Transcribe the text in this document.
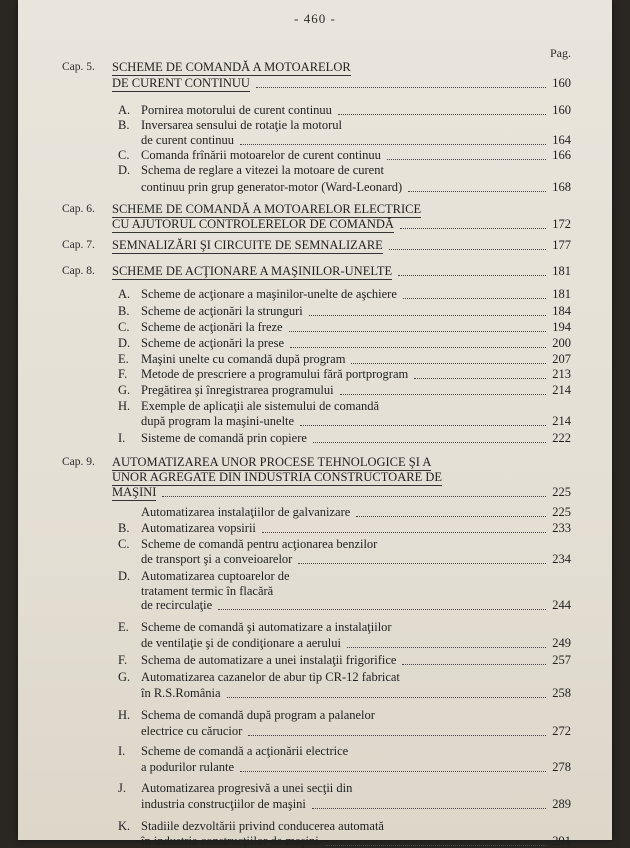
- 460 -
Pag.
Cap. 5. SCHEME DE COMANDĂ A MOTOARELOR
DE CURENT CONTINUU	160
A. Pornirea motorului de curent continuu	160
B. Inversarea sensului de rotaţie la motorul
de curent continuu	164
C. Comanda frînării motoarelor de curent continuu	166
D. Schema de reglare a vitezei la motoare de curent
continuu prin grup generator-motor (Ward-Leonard)	168
Cap. 6. SCHEME DE COMANDĂ A MOTOARELOR ELECTRICE
CU AJUTORUL CONTROLERELOR DE COMANDĂ	172
Cap. 7. SEMNALIZĂRI ŞI CIRCUITE DE SEMNALIZARE	177
Cap. 8. SCHEME DE ACŢIONARE A MAŞINILOR-UNELTE	181
A. Scheme de acţionare a maşinilor-unelte de aşchiere	181
B. Scheme de acţionări la strunguri	184
C. Scheme de acţionări la freze	194
D. Scheme de acţionări la prese	200
E. Maşini unelte cu comandă după program	207
F. Metode de prescriere a programului fără portprogram	213
G. Pregătirea şi înregistrarea programului	214
H. Exemple de aplicaţii ale sistemului de comandă
după program la maşini-unelte	214
I. Sisteme de comandă prin copiere	222
Cap. 9. AUTOMATIZAREA UNOR PROCESE TEHNOLOGICE ŞI A
UNOR AGREGATE DIN INDUSTRIA CONSTRUCTOARE DE
MAŞINI	225
Automatizarea instalaţiilor de galvanizare	225
B. Automatizarea vopsirii	233
C. Scheme de comandă pentru acţionarea benzilor
de transport şi a conveioarelor	234
D. Automatizarea cuptoarelor de
tratament termic în flacără
de recirculaţie	244
E. Scheme de comandă şi automatizare a instalaţiilor
de ventilaţie şi de condiţionare a aerului	249
F. Schema de automatizare a unei instalaţii frigorifice	257
G. Automatizarea cazanelor de abur tip CR-12 fabricat
în R.S.România	258
H. Schema de comandă după program a palanelor
electrice cu cărucior	272
I. Scheme de comandă a acţionării electrice
a podurilor rulante	278
J. Automatizarea progresivă a unei secţii din
industria construcţiilor de maşini	289
K. Stadiile dezvoltării privind conducerea automată
în industria construcţiilor de maşini	291
